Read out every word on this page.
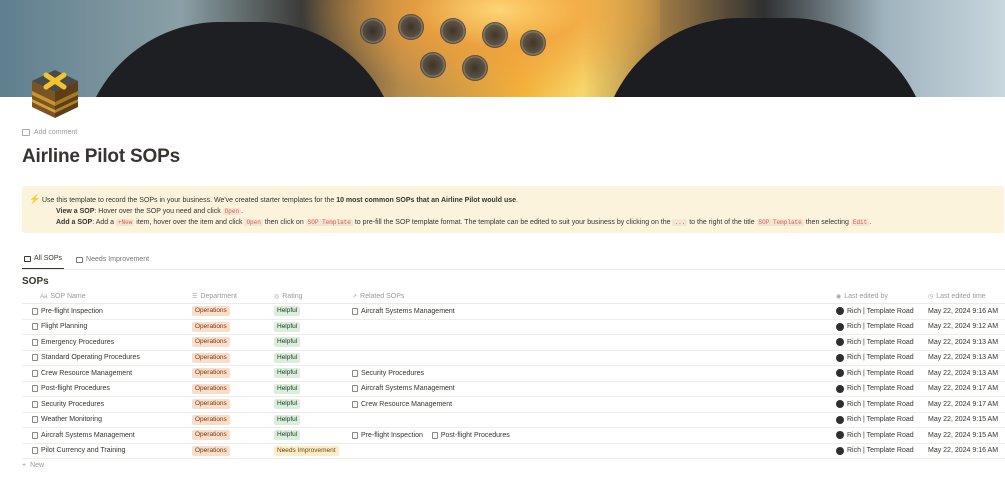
Add comment
Airline Pilot SOPs
⚡ Use this template to record the SOPs in your business. We've created starter templates for the 10 most common SOPs that an Airline Pilot would use.
View a SOP: Hover over the SOP you need and click Open .
Add a SOP: Add a +New item, hover over the item and click Open then click on SOP Template to pre-fill the SOP template format. The template can be edited to suit your business by clicking on the ... to the right of the title SOP Template then selecting Edit .
All SOPs	Needs Improvement
SOPs
Aa SOP Name	☰ Department	◎ Rating	↗ Related SOPs	◉ Last edited by	◷ Last edited time
Pre-flight Inspection	Operations	Helpful	Aircraft Systems Management	Rich | Template Road May 22, 2024 9:16 AM
Flight Planning	Operations	Helpful	Rich | Template Road May 22, 2024 9:12 AM
Emergency Procedures	Operations	Helpful	Rich | Template Road May 22, 2024 9:13 AM
Standard Operating Procedures	Operations	Helpful	Rich | Template Road May 22, 2024 9:13 AM
Crew Resource Management	Operations	Helpful	Security Procedures	Rich | Template Road May 22, 2024 9:13 AM
Post-flight Procedures	Operations	Helpful	Aircraft Systems Management	Rich | Template Road May 22, 2024 9:17 AM
Security Procedures	Operations	Helpful	Crew Resource Management	Rich | Template Road May 22, 2024 9:17 AM
Weather Monitoring	Operations	Helpful	Rich | Template Road May 22, 2024 9:15 AM
Aircraft Systems Management	Operations	Helpful	Pre-flight Inspection	Post-flight Procedures	Rich | Template Road May 22, 2024 9:15 AM
Pilot Currency and Training	Operations	Needs Improvement	Rich | Template Road May 22, 2024 9:16 AM
+ New
